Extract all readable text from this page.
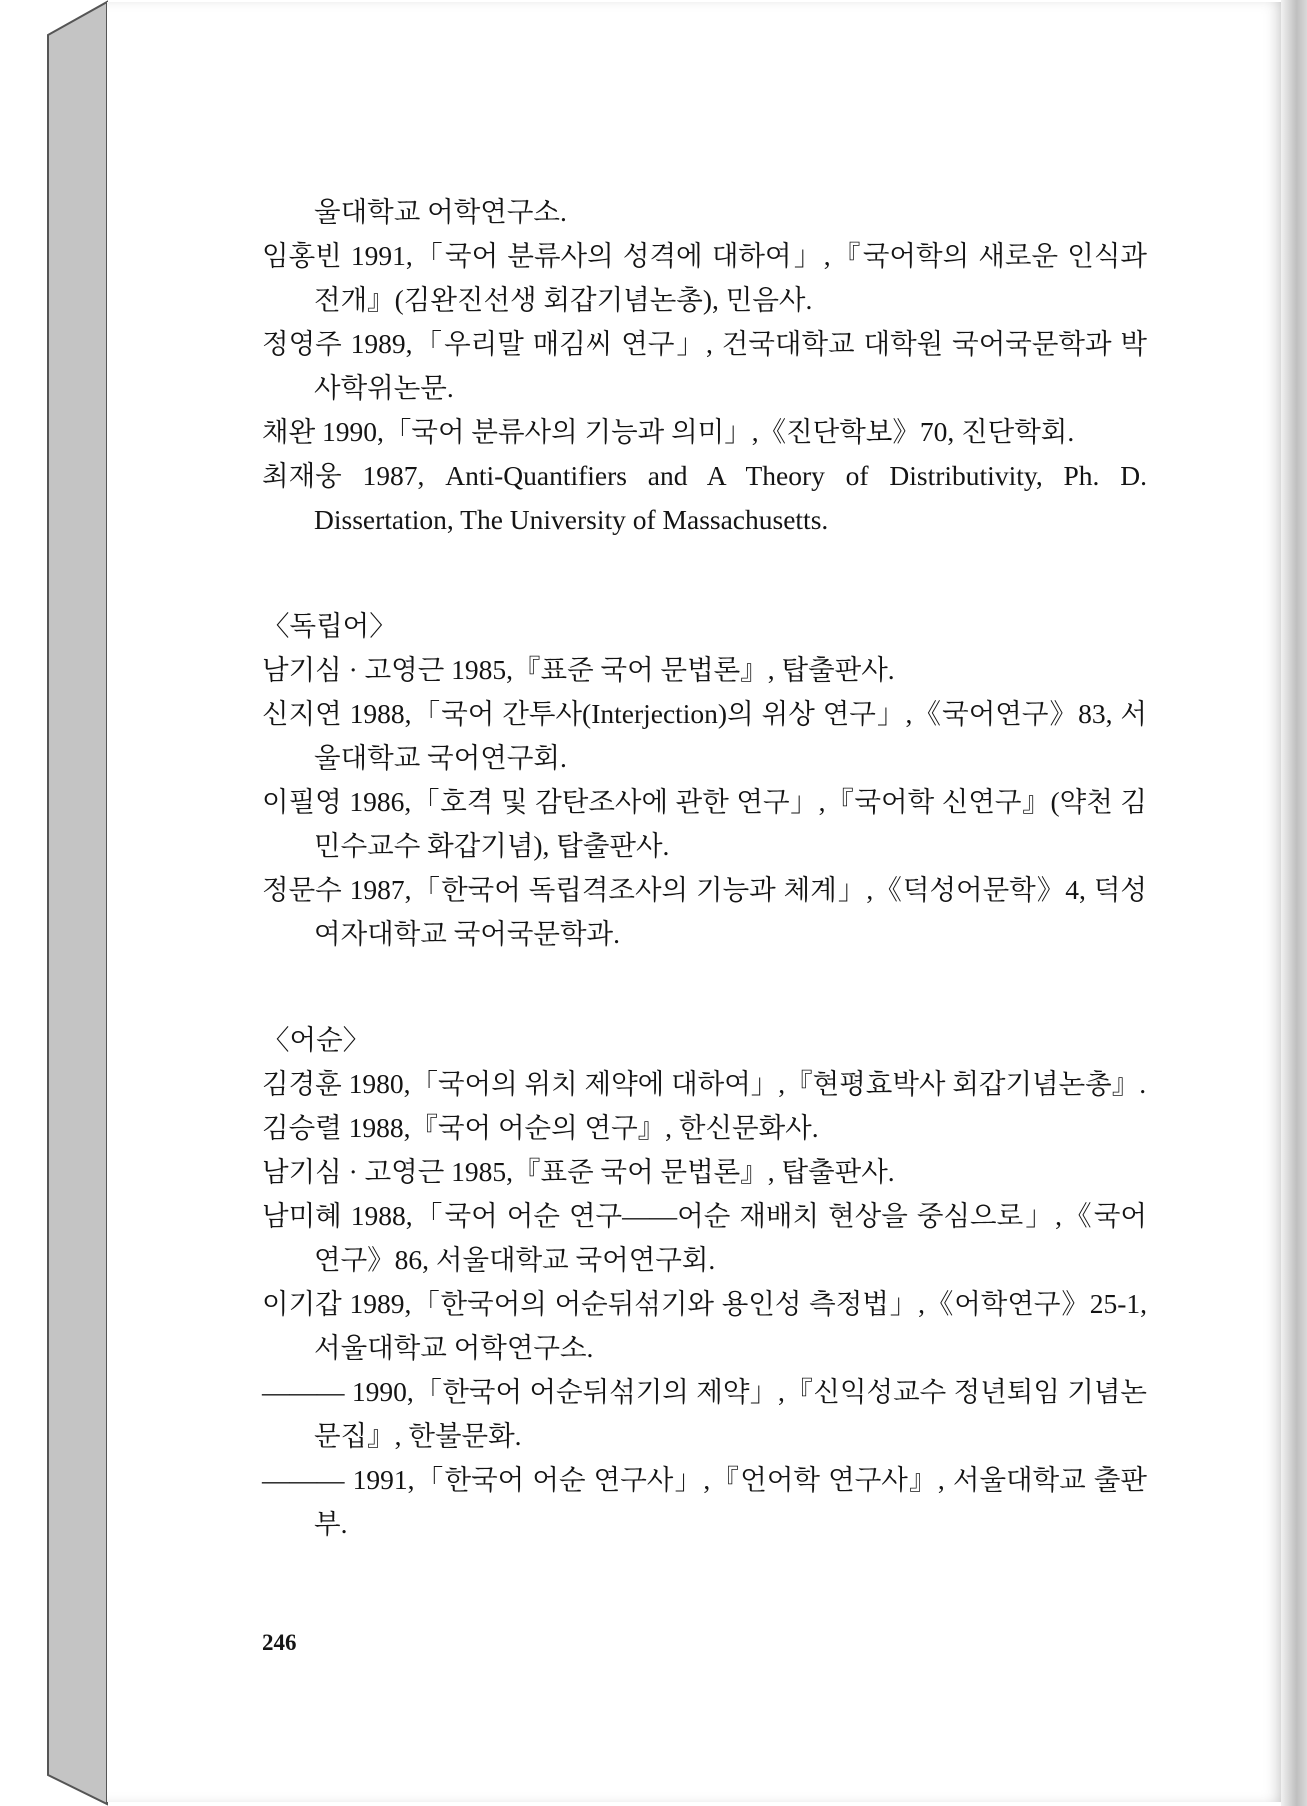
울대학교 어학연구소.

임홍빈 1991,「국어 분류사의 성격에 대하여」,『국어학의 새로운 인식과 전개』(김완진선생 회갑기념논총), 민음사.

정영주 1989,「우리말 매김씨 연구」, 건국대학교 대학원 국어국문학과 박사학위논문.

채완 1990,「국어 분류사의 기능과 의미」,《진단학보》70, 진단학회.

최재웅 1987, Anti-Quantifiers and A Theory of Distributivity, Ph. D. Dissertation, The University of Massachusetts.

〈독립어〉

남기심 · 고영근 1985,『표준 국어 문법론』, 탑출판사.

신지연 1988,「국어 간투사(Interjection)의 위상 연구」,《국어연구》83, 서울대학교 국어연구회.

이필영 1986,「호격 및 감탄조사에 관한 연구」,『국어학 신연구』(약천 김민수교수 화갑기념), 탑출판사.

정문수 1987,「한국어 독립격조사의 기능과 체계」,《덕성어문학》4, 덕성여자대학교 국어국문학과.

〈어순〉

김경훈 1980,「국어의 위치 제약에 대하여」,『현평효박사 회갑기념논총』.

김승렬 1988,『국어 어순의 연구』, 한신문화사.

남기심 · 고영근 1985,『표준 국어 문법론』, 탑출판사.

남미혜 1988,「국어 어순 연구——어순 재배치 현상을 중심으로」,《국어연구》86, 서울대학교 국어연구회.

이기갑 1989,「한국어의 어순뒤섞기와 용인성 측정법」,《어학연구》25-1, 서울대학교 어학연구소.

——— 1990,「한국어 어순뒤섞기의 제약」,『신익성교수 정년퇴임 기념논문집』, 한불문화.

——— 1991,「한국어 어순 연구사」,『언어학 연구사』, 서울대학교 출판부.

246
